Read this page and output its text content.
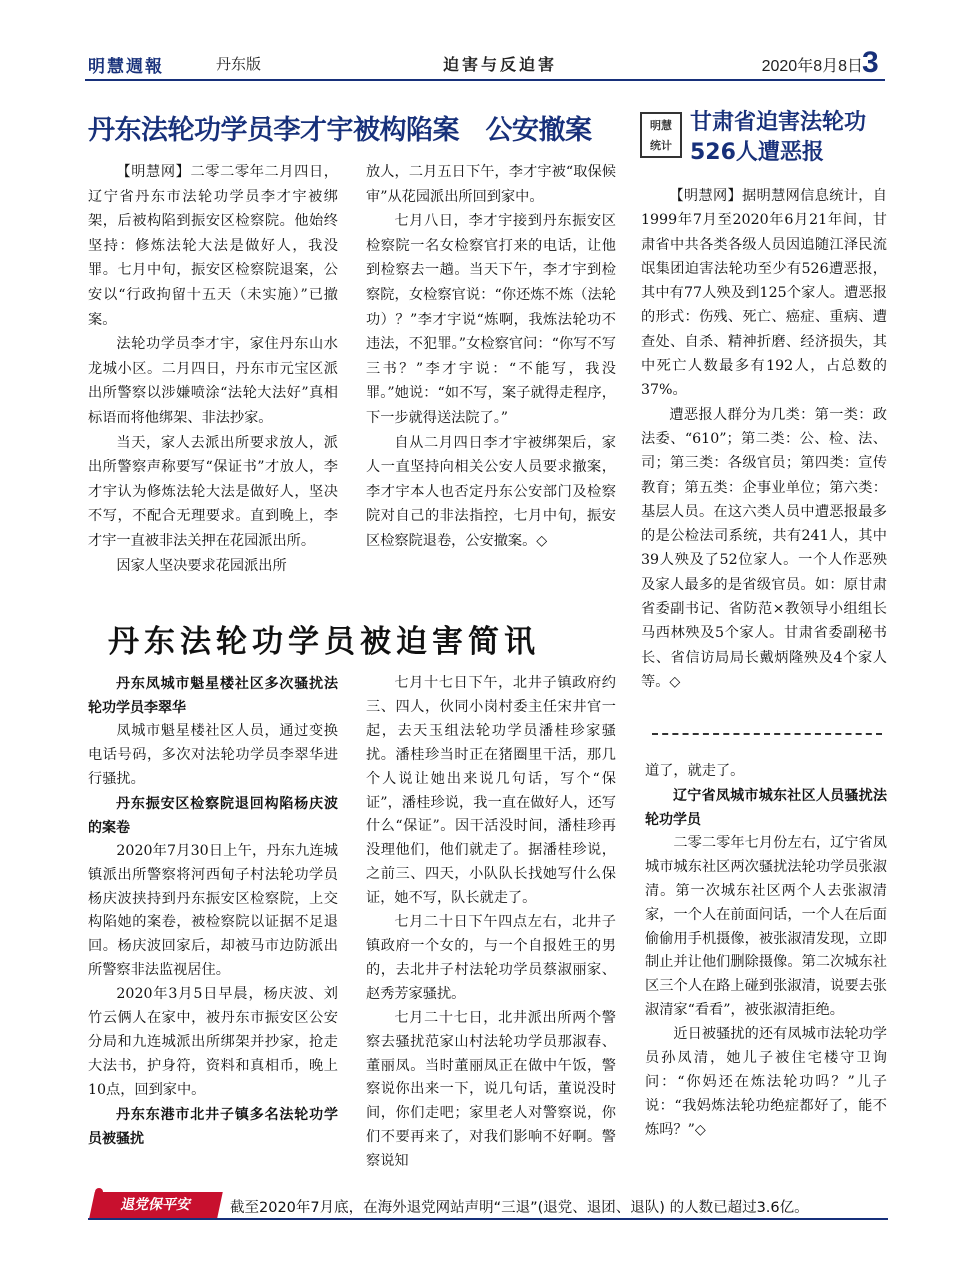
明慧週報	丹东版	迫害与反迫害	2020年8月8日 3
丹东法轮功学员李才宇被构陷案　公安撤案

【明慧网】二零二零年二月四日，辽宁省丹东市法轮功学员李才宇被绑架，后被构陷到振安区检察院。他始终坚持：修炼法轮大法是做好人，我没罪。七月中旬，振安区检察院退案，公安以“行政拘留十五天（未实施）”已撤案。

法轮功学员李才宇，家住丹东山水龙城小区。二月四日，丹东市元宝区派出所警察以涉嫌喷涂“法轮大法好”真相标语而将他绑架、非法抄家。

当天，家人去派出所要求放人，派出所警察声称要写“保证书”才放人，李才宇认为修炼法轮大法是做好人，坚决不写，不配合无理要求。直到晚上，李才宇一直被非法关押在花园派出所。

因家人坚决要求花园派出所

放人，二月五日下午，李才宇被“取保候审”从花园派出所回到家中。

七月八日，李才宇接到丹东振安区检察院一名女检察官打来的电话，让他到检察去一趟。当天下午，李才宇到检察院，女检察官说：“你还炼不炼（法轮功）？”李才宇说“炼啊，我炼法轮功不违法，不犯罪。”女检察官问：“你写不写三书？”李才宇说：“不能写，我没罪。”她说：“如不写，案子就得走程序，下一步就得送法院了。”

自从二月四日李才宇被绑架后，家人一直坚持向相关公安人员要求撤案，李才宇本人也否定丹东公安部门及检察院对自己的非法指控，七月中旬，振安区检察院退卷，公安撤案。◇

明慧
统计
甘肃省迫害法轮功
526人遭恶报

【明慧网】据明慧网信息统计，自1999年7月至2020年6月21年间，甘肃省中共各类各级人员因追随江泽民流氓集团迫害法轮功至少有526遭恶报，其中有77人殃及到125个家人。遭恶报的形式：伤残、死亡、癌症、重病、遭查处、自杀、精神折磨、经济损失，其中死亡人数最多有192人，占总数的37%。

遭恶报人群分为几类：第一类：政法委、“610”；第二类：公、检、法、司；第三类：各级官员；第四类：宣传教育；第五类：企事业单位；第六类：基层人员。在这六类人员中遭恶报最多的是公检法司系统，共有241人，其中39人殃及了52位家人。一个人作恶殃及家人最多的是省级官员。如：原甘肃省委副书记、省防范×教领导小组组长马西林殃及5个家人。甘肃省委副秘书长、省信访局局长戴炳隆殃及4个家人等。◇

丹东法轮功学员被迫害简讯

丹东凤城市魁星楼社区多次骚扰法轮功学员李翠华

凤城市魁星楼社区人员，通过变换电话号码，多次对法轮功学员李翠华进行骚扰。

丹东振安区检察院退回构陷杨庆波的案卷

2020年7月30日上午，丹东九连城镇派出所警察将河西甸子村法轮功学员杨庆波挟持到丹东振安区检察院，上交构陷她的案卷，被检察院以证据不足退回。杨庆波回家后，却被马市边防派出所警察非法监视居住。

2020年3月5日早晨，杨庆波、刘竹云俩人在家中，被丹东市振安区公安分局和九连城派出所绑架并抄家，抢走大法书，护身符，资料和真相币，晚上10点，回到家中。

丹东东港市北井子镇多名法轮功学员被骚扰

七月十七日下午，北井子镇政府约三、四人，伙同小岗村委主任宋井官一起，去天玉组法轮功学员潘桂珍家骚扰。潘桂珍当时正在猪圈里干活，那几个人说让她出来说几句话，写个“保证”，潘桂珍说，我一直在做好人，还写什么“保证”。因干活没时间，潘桂珍再没理他们，他们就走了。据潘桂珍说，之前三、四天，小队队长找她写什么保证，她不写，队长就走了。

七月二十日下午四点左右，北井子镇政府一个女的，与一个自报姓王的男的，去北井子村法轮功学员蔡淑丽家、赵秀芳家骚扰。

七月二十七日，北井派出所两个警察去骚扰范家山村法轮功学员那淑春、董丽凤。当时董丽凤正在做中午饭，警察说你出来一下，说几句话，董说没时间，你们走吧；家里老人对警察说，你们不要再来了，对我们影响不好啊。警察说知

道了，就走了。

辽宁省凤城市城东社区人员骚扰法轮功学员

二零二零年七月份左右，辽宁省凤城市城东社区两次骚扰法轮功学员张淑清。第一次城东社区两个人去张淑清家，一个人在前面问话，一个人在后面偷偷用手机摄像，被张淑清发现，立即制止并让他们删除摄像。第二次城东社区三个人在路上碰到张淑清，说要去张淑清家“看看”，被张淑清拒绝。

近日被骚扰的还有凤城市法轮功学员孙凤清，她儿子被住宅楼守卫询问：“你妈还在炼法轮功吗？”儿子说：“我妈炼法轮功绝症都好了，能不炼吗？”◇

退党保平安	截至2020年7月底，在海外退党网站声明“三退”(退党、退团、退队) 的人数已超过3.6亿。
